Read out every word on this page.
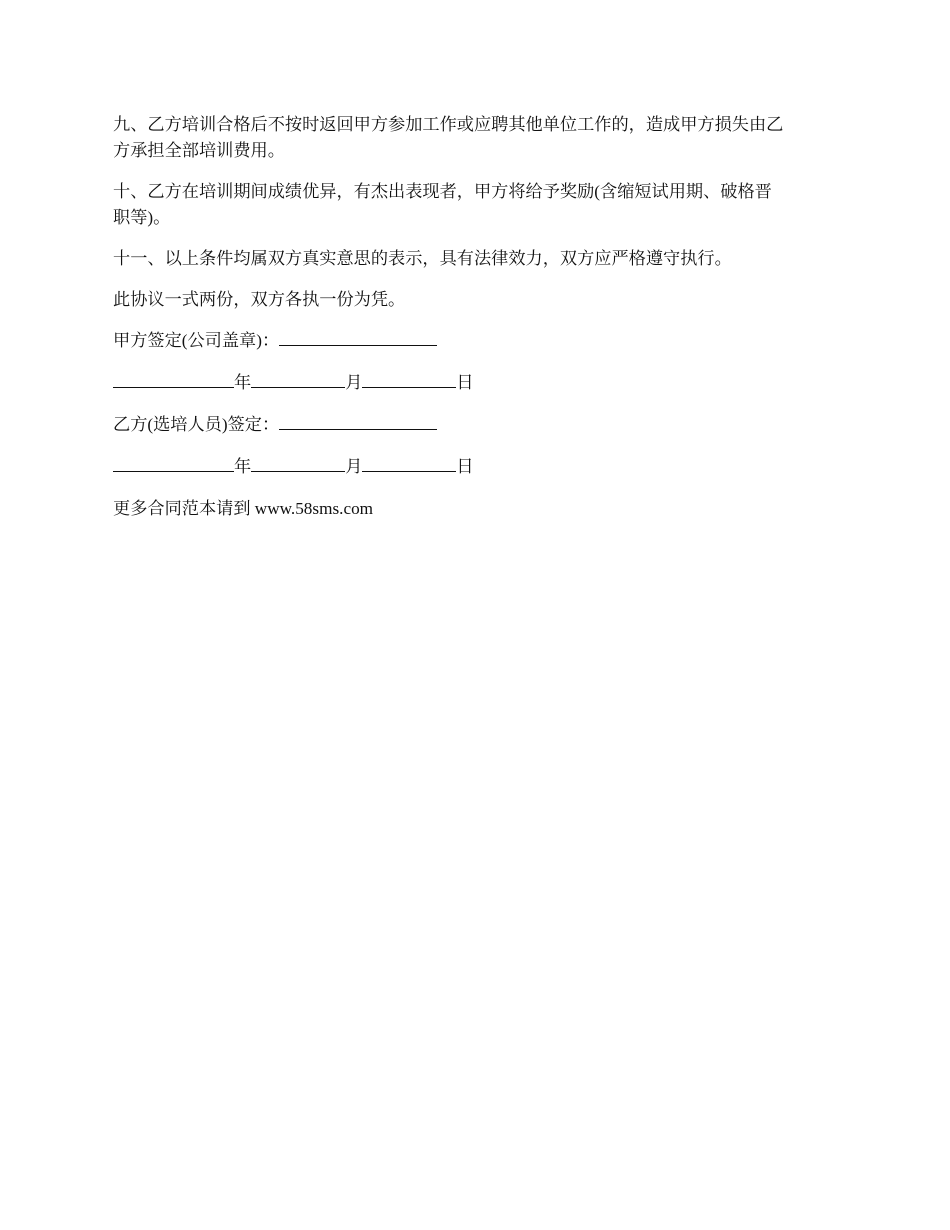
九、乙方培训合格后不按时返回甲方参加工作或应聘其他单位工作的，造成甲方损失由乙
方承担全部培训费用。

十、乙方在培训期间成绩优异，有杰出表现者，甲方将给予奖励(含缩短试用期、破格晋
职等)。

十一、以上条件均属双方真实意思的表示，具有法律效力，双方应严格遵守执行。

此协议一式两份，双方各执一份为凭。

甲方签定(公司盖章)：
年	月	日
乙方(选培人员)签定：
年	月	日

更多合同范本请到 www.58sms.com
